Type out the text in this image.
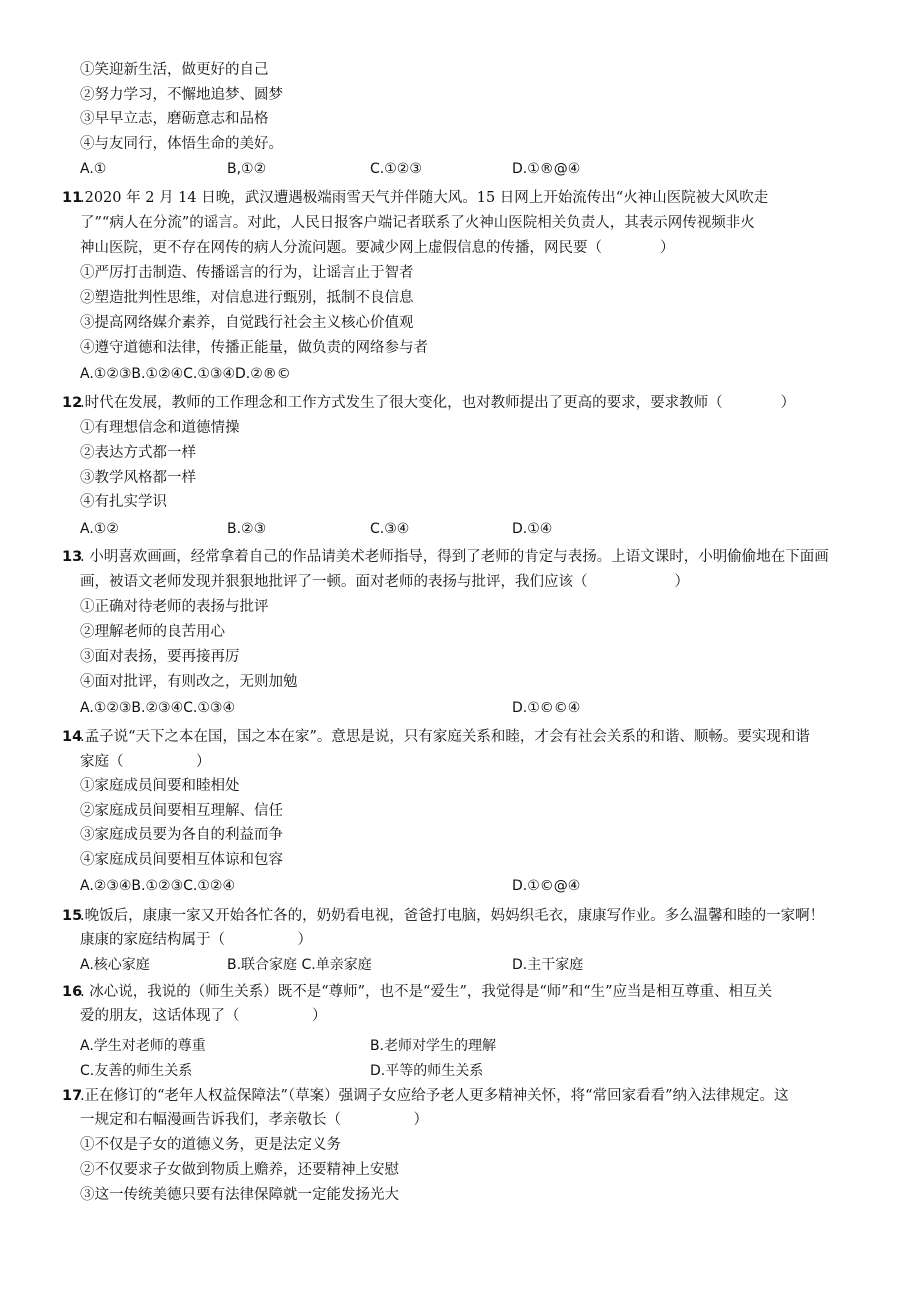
①笑迎新生活，做更好的自己
②努力学习，不懈地追梦、圆梦
③早早立志，磨砺意志和品格
④与友同行，体悟生命的美好。
A.①	B,①②	C.①②③	D.①®@④
11
.2020 年 2 月 14 日晚，武汉遭遇极端雨雪天气并伴随大风。15 日网上开始流传出“火神山医院被大风吹走
了”“病人在分流”的谣言。对此，人民日报客户端记者联系了火神山医院相关负责人，其表示网传视频非火
神山医院，更不存在网传的病人分流问题。要减少网上虚假信息的传播，网民要（　　　　）
①严厉打击制造、传播谣言的行为，让谣言止于智者
②塑造批判性思维，对信息进行甄别，抵制不良信息
③提高网络媒介素养，自觉践行社会主义核心价值观
④遵守道德和法律，传播正能量，做负责的网络参与者
A.①②③B.①②④C.①③④D.②®©
12
.时代在发展，教师的工作理念和工作方式发生了很大变化，也对教师提出了更高的要求，要求教师（　　　　）
①有理想信念和道德情操
②表达方式都一样
③教学风格都一样
④有扎实学识
A.①②	B.②③	C.③④	D.①④
13
. 小明喜欢画画，经常拿着自己的作品请美术老师指导，得到了老师的肯定与表扬。上语文课时，小明偷偷地在下面画
画，被语文老师发现并狠狠地批评了一顿。面对老师的表扬与批评，我们应该（　　　　　　）
①正确对待老师的表扬与批评
②理解老师的良苦用心
③面对表扬，要再接再厉
④面对批评，有则改之，无则加勉
A.①②③B.②③④C.①③④	D.①©©④
14
.孟子说“天下之本在国，国之本在家”。意思是说，只有家庭关系和睦，才会有社会关系的和谐、顺畅。要实现和谐
家庭（　　　　　）
①家庭成员间要和睦相处
②家庭成员间要相互理解、信任
③家庭成员要为各自的利益而争
④家庭成员间要相互体谅和包容
A.②③④B.①②③C.①②④	D.①©@④
15
.晚饭后，康康一家又开始各忙各的，奶奶看电视，爸爸打电脑，妈妈织毛衣，康康写作业。多么温馨和睦的一家啊！
康康的家庭结构属于（　　　　　）
A.核心家庭	B.联合家庭 C.单亲家庭	D.主干家庭
16
. 冰心说，我说的（师生关系）既不是“尊师”，也不是“爱生”，我觉得是“师”和“生”应当是相互尊重、相互关
爱的朋友，这话体现了（　　　　　）
A.学生对老师的尊重	B.老师对学生的理解
C.友善的师生关系	D.平等的师生关系
17
.正在修订的“老年人权益保障法”（草案）强调子女应给予老人更多精神关怀，将“常回家看看”纳入法律规定。这
一规定和右幅漫画告诉我们，孝亲敬长（　　　　　）
①不仅是子女的道德义务，更是法定义务
②不仅要求子女做到物质上赡养，还要精神上安慰
③这一传统美德只要有法律保障就一定能发扬光大
